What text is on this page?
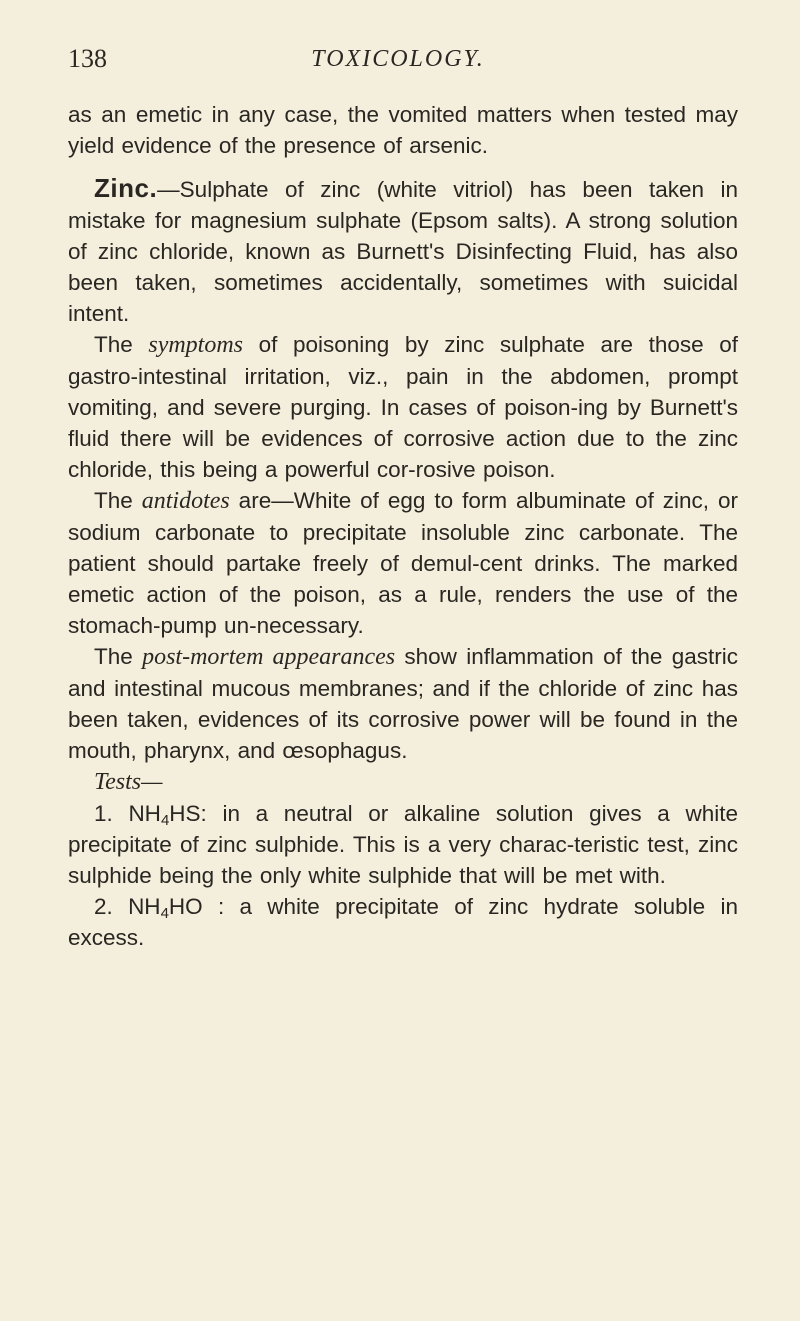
138	TOXICOLOGY.

as an emetic in any case, the vomited matters when tested may yield evidence of the presence of arsenic.

Zinc.—Sulphate of zinc (white vitriol) has been taken in mistake for magnesium sulphate (Epsom salts). A strong solution of zinc chloride, known as Burnett's Disinfecting Fluid, has also been taken, sometimes accidentally, sometimes with suicidal intent.

The symptoms of poisoning by zinc sulphate are those of gastro-intestinal irritation, viz., pain in the abdomen, prompt vomiting, and severe purging. In cases of poison-ing by Burnett's fluid there will be evidences of corrosive action due to the zinc chloride, this being a powerful cor-rosive poison.

The antidotes are—White of egg to form albuminate of zinc, or sodium carbonate to precipitate insoluble zinc carbonate. The patient should partake freely of demul-cent drinks. The marked emetic action of the poison, as a rule, renders the use of the stomach-pump un-necessary.

The post-mortem appearances show inflammation of the gastric and intestinal mucous membranes; and if the chloride of zinc has been taken, evidences of its corrosive power will be found in the mouth, pharynx, and œsophagus.

Tests—

1. $NH_4HS$: in a neutral or alkaline solution gives a white precipitate of zinc sulphide. This is a very charac-teristic test, zinc sulphide being the only white sulphide that will be met with.

2. $NH_4HO$ : a white precipitate of zinc hydrate soluble in excess.
